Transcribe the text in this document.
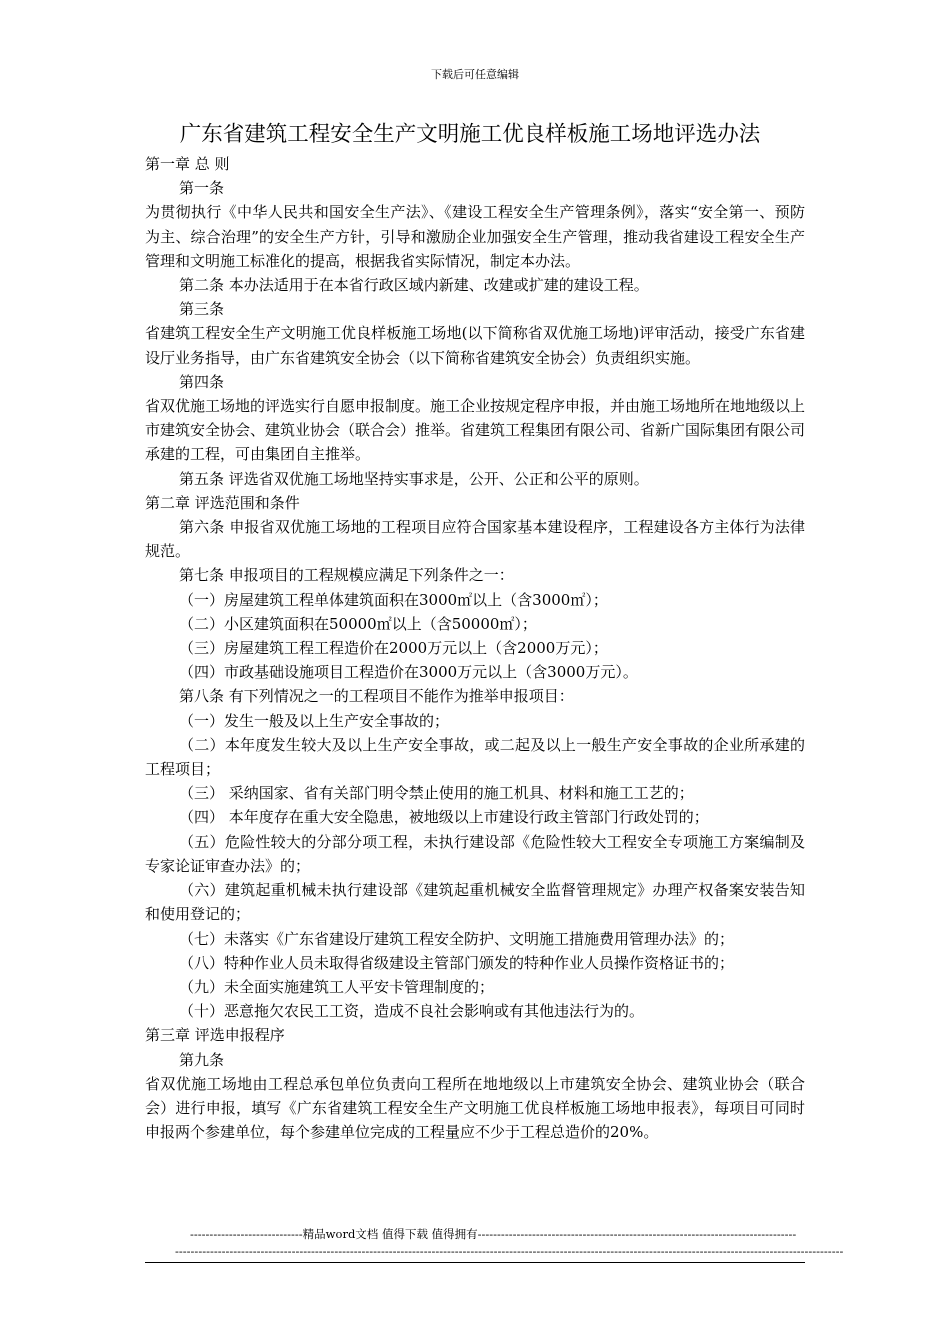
下载后可任意编辑
广东省建筑工程安全生产文明施工优良样板施工场地评选办法

第一章 总 则

第一条

为贯彻执行《中华人民共和国安全生产法》、《建设工程安全生产管理条例》，落实“安全第一、预防为主、综合治理”的安全生产方针，引导和激励企业加强安全生产管理，推动我省建设工程安全生产管理和文明施工标准化的提高，根据我省实际情况，制定本办法。

第二条 本办法适用于在本省行政区域内新建、改建或扩建的建设工程。

第三条

省建筑工程安全生产文明施工优良样板施工场地(以下简称省双优施工场地)评审活动，接受广东省建设厅业务指导，由广东省建筑安全协会（以下简称省建筑安全协会）负责组织实施。

第四条

省双优施工场地的评选实行自愿申报制度。施工企业按规定程序申报，并由施工场地所在地地级以上市建筑安全协会、建筑业协会（联合会）推举。省建筑工程集团有限公司、省新广国际集团有限公司承建的工程，可由集团自主推举。

第五条 评选省双优施工场地坚持实事求是，公开、公正和公平的原则。

第二章 评选范围和条件

第六条 申报省双优施工场地的工程项目应符合国家基本建设程序，工程建设各方主体行为法律规范。

第七条 申报项目的工程规模应满足下列条件之一：

（一）房屋建筑工程单体建筑面积在3000㎡以上（含3000㎡）；

（二）小区建筑面积在50000㎡以上（含50000㎡）；

（三）房屋建筑工程工程造价在2000万元以上（含2000万元）；

（四）市政基础设施项目工程造价在3000万元以上（含3000万元）。

第八条 有下列情况之一的工程项目不能作为推举申报项目：

（一）发生一般及以上生产安全事故的；

（二）本年度发生较大及以上生产安全事故，或二起及以上一般生产安全事故的企业所承建的工程项目；

（三） 采纳国家、省有关部门明令禁止使用的施工机具、材料和施工工艺的；

（四） 本年度存在重大安全隐患，被地级以上市建设行政主管部门行政处罚的；

（五）危险性较大的分部分项工程，未执行建设部《危险性较大工程安全专项施工方案编制及专家论证审查办法》的；

（六）建筑起重机械未执行建设部《建筑起重机械安全监督管理规定》办理产权备案安装告知和使用登记的；

（七）未落实《广东省建设厅建筑工程安全防护、文明施工措施费用管理办法》的；

（八）特种作业人员未取得省级建设主管部门颁发的特种作业人员操作资格证书的；

（九）未全面实施建筑工人平安卡管理制度的；

（十）恶意拖欠农民工工资，造成不良社会影响或有其他违法行为的。

第三章 评选申报程序

第九条

省双优施工场地由工程总承包单位负责向工程所在地地级以上市建筑安全协会、建筑业协会（联合会）进行申报，填写《广东省建筑工程安全生产文明施工优良样板施工场地申报表》，每项目可同时申报两个参建单位，每个参建单位完成的工程量应不少于工程总造价的20%。

-----------------------------精品word文档 值得下载 值得拥有----------------------------------------------------------------------------------
----------------------------------------------------------------------------------------------------------------------------------------------------------------------------
